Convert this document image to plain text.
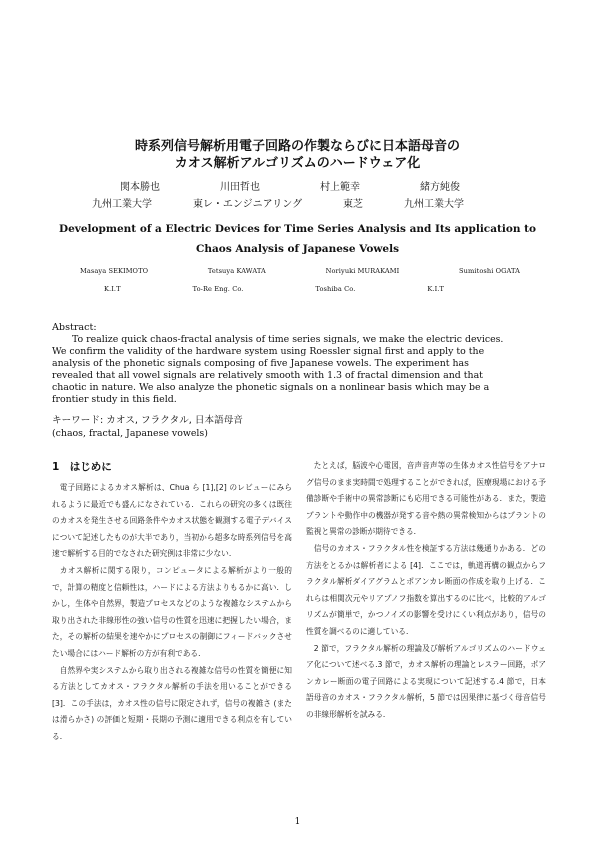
時系列信号解析用電子回路の作製ならびに日本語母音の
カオス解析アルゴリズムのハードウェア化
関本勝也	川田哲也	村上範幸	緒方純俊
九州工業大学	東レ・エンジニアリング	東芝	九州工業大学
Development of a Electric Devices for Time Series Analysis and Its application to
Chaos Analysis of Japanese Vowels
Masaya SEKIMOTO	Tetsuya KAWATA	Noriyuki MURAKAMI	Sumitoshi OGATA
K.I.T	To-Re Eng. Co.	Toshiba Co.	K.I.T
Abstract:

To realize quick chaos-fractal analysis of time series signals, we make the electric devices.

We confirm the validity of the hardware system using Roessler signal first and apply to the

analysis of the phonetic signals composing of five Japanese vowels. The experiment has

revealed that all vowel signals are relatively smooth with 1.3 of fractal dimension and that

chaotic in nature. We also analyze the phonetic signals on a nonlinear basis which may be a

frontier study in this field.

キーワード: カオス, フラクタル, 日本語母音
(chaos, fractal, Japanese vowels)
1　はじめに

電子回路によるカオス解析は、Chua ら [1],[2] のレビューにみられるように最近でも盛んになされている．これらの研究の多くは既往のカオスを発生させる回路条件やカオス状態を観測する電子デバイスについて記述したものが大半であり，当初から超多な時系列信号を高速で解析する目的でなされた研究例は非常に少ない．

カオス解析に関する限り，コンピュータによる解析がより一般的で，計算の精度と信頼性は，ハードによる方法よりもるかに高い．しかし，生体や自然界，製造プロセスなどのような複雑なシステムから取り出された非線形性の強い信号の性質を迅速に把握したい場合，また，その解析の結果を速やかにプロセスの制御にフィードバックさせたい場合にはハード解析の方が有利である．

自然界や実システムから取り出される複雑な信号の性質を簡便に知る方法としてカオス・フラクタル解析の手法を用いることができる [3]．この手法は，カオス性の信号に限定されず，信号の複雑さ (または滑らかさ) の評価と短期・長期の予測に適用できる利点を有している．

たとえば，脳波や心電図，音声音声等の生体カオス性信号をアナログ信号のまま実時間で処理することができれば，医療現場における予備診断や手術中の異常診断にも応用できる可能性がある．また，製造プラントや動作中の機器が発する音や熱の異常検知からはプラントの監視と異常の診断が期待できる．

信号のカオス・フラクタル性を検証する方法は幾通りかある．どの方法をとるかは解析者による [4]．ここでは，軌道再構の観点からフラクタル解析ダイアグラムとポアンカレ断面の作成を取り上げる．これらは相関次元やリアプノフ指数を算出するのに比べ，比較的アルゴリズムが簡単で，かつノイズの影響を受けにくい利点があり，信号の性質を調べるのに適している．

2 節で，フラクタル解析の理論及び解析アルゴリズムのハードウェア化について述べる.3 節で，カオス解析の理論とレスラー回路，ポアンカレー断面の電子回路による実現について記述する.4 節で，日本語母音のカオス・フラクタル解析，5 節では因果律に基づく母音信号の非線形解析を試みる．

1
